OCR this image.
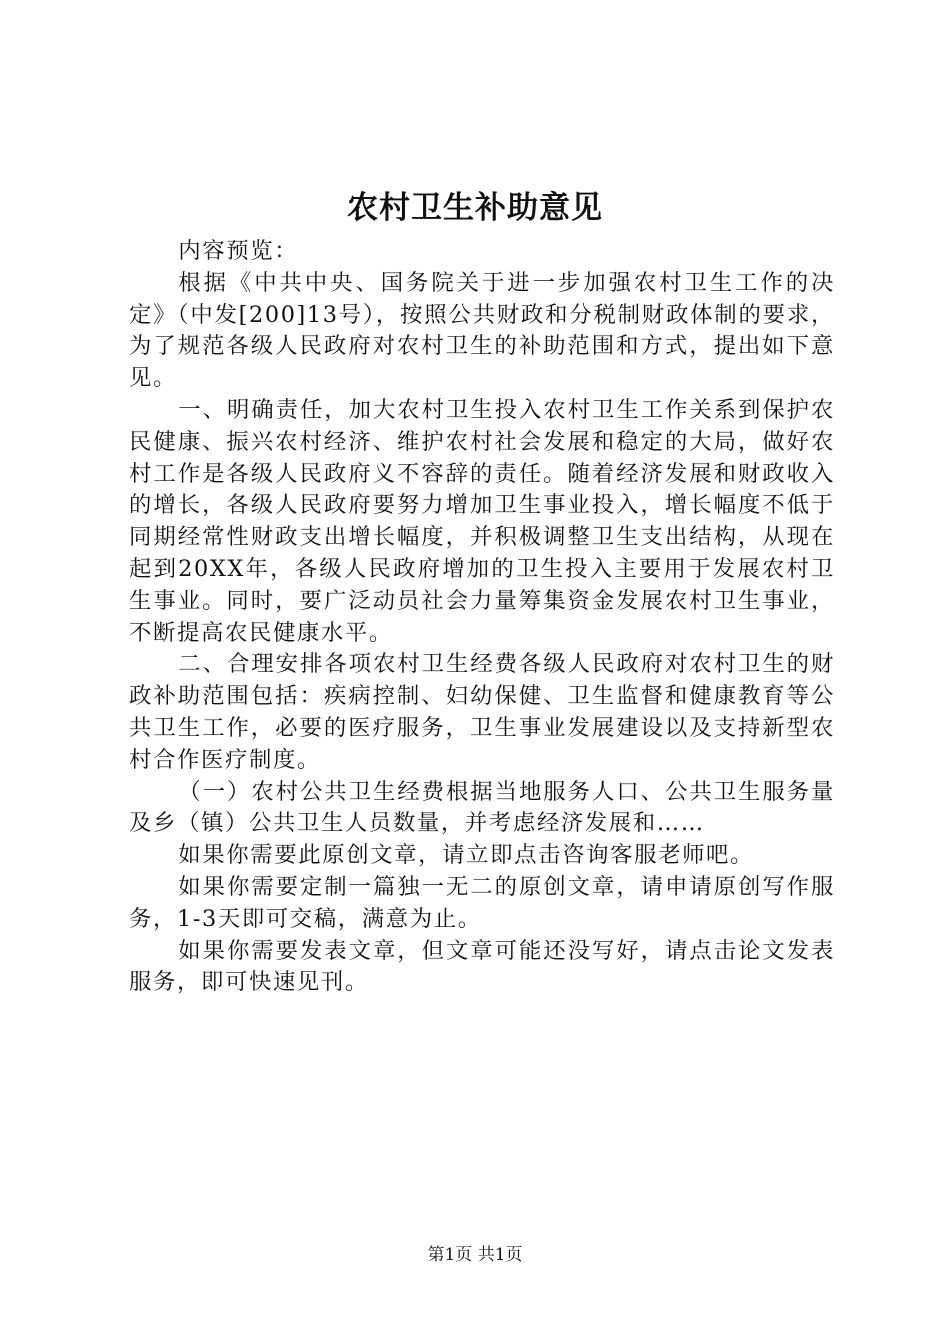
农村卫生补助意见

内容预览：

根据《中共中央、国务院关于进一步加强农村卫生工作的决定》（中发[200]13号），按照公共财政和分税制财政体制的要求，为了规范各级人民政府对农村卫生的补助范围和方式，提出如下意见。

一、明确责任，加大农村卫生投入农村卫生工作关系到保护农民健康、振兴农村经济、维护农村社会发展和稳定的大局，做好农村工作是各级人民政府义不容辞的责任。随着经济发展和财政收入的增长，各级人民政府要努力增加卫生事业投入，增长幅度不低于同期经常性财政支出增长幅度，并积极调整卫生支出结构，从现在起到20XX年，各级人民政府增加的卫生投入主要用于发展农村卫生事业。同时，要广泛动员社会力量筹集资金发展农村卫生事业，不断提高农民健康水平。

二、合理安排各项农村卫生经费各级人民政府对农村卫生的财政补助范围包括：疾病控制、妇幼保健、卫生监督和健康教育等公共卫生工作，必要的医疗服务，卫生事业发展建设以及支持新型农村合作医疗制度。

（一）农村公共卫生经费根据当地服务人口、公共卫生服务量及乡（镇）公共卫生人员数量，并考虑经济发展和……

如果你需要此原创文章，请立即点击咨询客服老师吧。

如果你需要定制一篇独一无二的原创文章，请申请原创写作服务，1-3天即可交稿，满意为止。

如果你需要发表文章，但文章可能还没写好，请点击论文发表服务，即可快速见刊。

第1页 共1页
